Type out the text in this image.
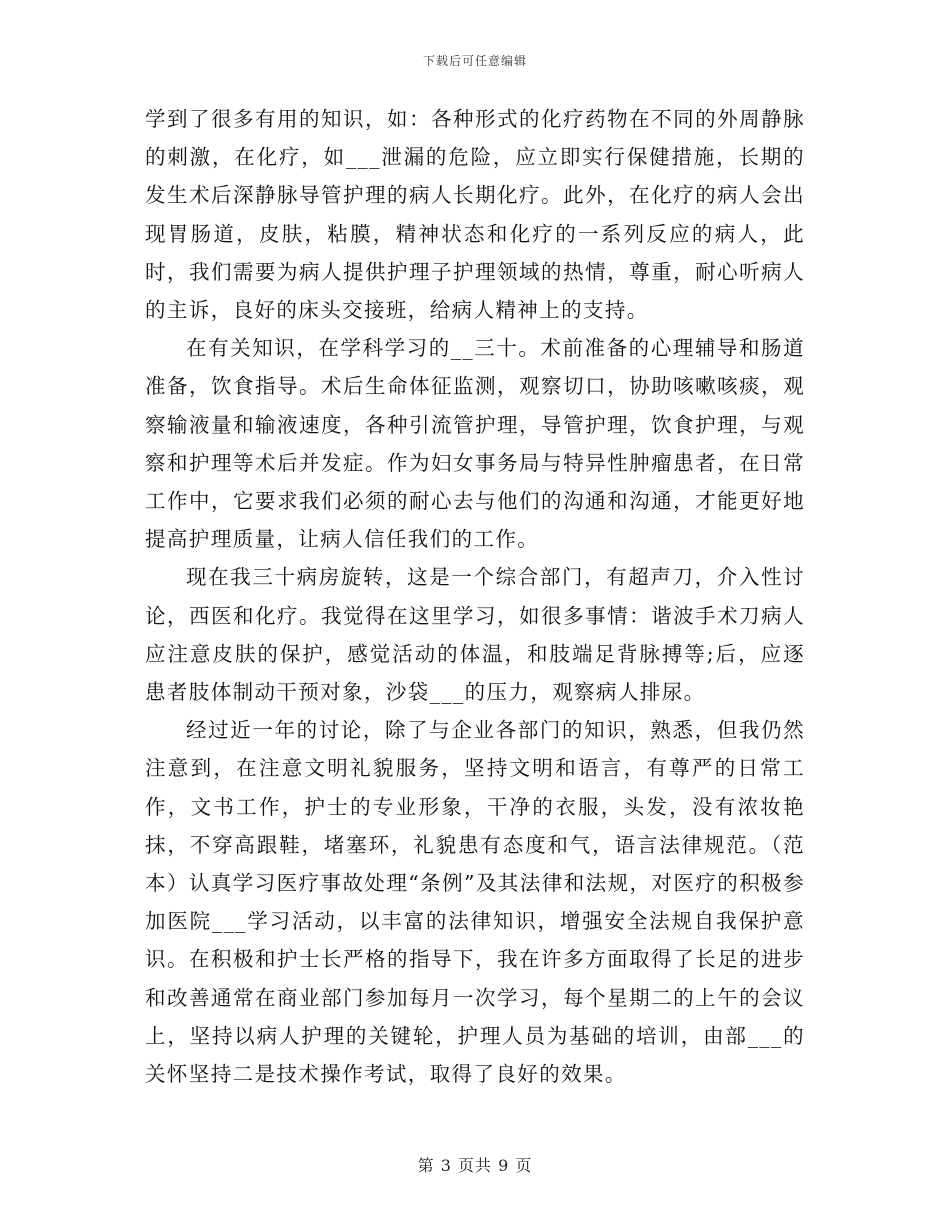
下载后可任意编辑

学到了很多有用的知识，如：各种形式的化疗药物在不同的外周静脉的刺激，在化疗，如___泄漏的危险，应立即实行保健措施，长期的发生术后深静脉导管护理的病人长期化疗。此外，在化疗的病人会出现胃肠道，皮肤，粘膜，精神状态和化疗的一系列反应的病人，此时，我们需要为病人提供护理子护理领域的热情，尊重，耐心听病人的主诉，良好的床头交接班，给病人精神上的支持。

在有关知识，在学科学习的__三十。术前准备的心理辅导和肠道准备，饮食指导。术后生命体征监测，观察切口，协助咳嗽咳痰，观察输液量和输液速度，各种引流管护理，导管护理，饮食护理，与观察和护理等术后并发症。作为妇女事务局与特异性肿瘤患者，在日常工作中，它要求我们必须的耐心去与他们的沟通和沟通，才能更好地提高护理质量，让病人信任我们的工作。

现在我三十病房旋转，这是一个综合部门，有超声刀，介入性讨论，西医和化疗。我觉得在这里学习，如很多事情：谐波手术刀病人应注意皮肤的保护，感觉活动的体温，和肢端足背脉搏等;后，应逐患者肢体制动干预对象，沙袋___的压力，观察病人排尿。

经过近一年的讨论，除了与企业各部门的知识，熟悉，但我仍然注意到，在注意文明礼貌服务，坚持文明和语言，有尊严的日常工作，文书工作，护士的专业形象，干净的衣服，头发，没有浓妆艳抹，不穿高跟鞋，堵塞环，礼貌患有态度和气，语言法律规范。（范本）认真学习医疗事故处理“条例”及其法律和法规，对医疗的积极参加医院___学习活动，以丰富的法律知识，增强安全法规自我保护意识。在积极和护士长严格的指导下，我在许多方面取得了长足的进步和改善通常在商业部门参加每月一次学习，每个星期二的上午的会议上，坚持以病人护理的关键轮，护理人员为基础的培训，由部___的关怀坚持二是技术操作考试，取得了良好的效果。

第 3 页共 9 页
